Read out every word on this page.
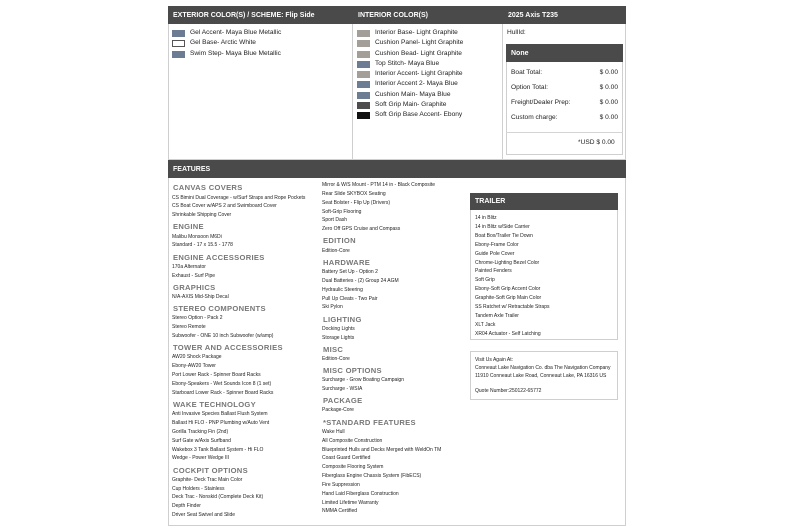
EXTERIOR COLOR(S) / SCHEME: Flip Side	INTERIOR COLOR(S)	2025 Axis T235
Gel Accent- Maya Blue Metallic
Gel Base- Arctic White
Swim Step- Maya Blue Metallic
Interior Base- Light Graphite
Cushion Panel- Light Graphite
Cushion Bead- Light Graphite
Top Stitch- Maya Blue
Interior Accent- Light Graphite
Interior Accent 2- Maya Blue
Cushion Main- Maya Blue
Soft Grip Main- Graphite
Soft Grip Base Accent- Ebony
HullId:
None
Boat Total:	$ 0.00
Option Total:	$ 0.00
Freight/Dealer Prep:	$ 0.00
Custom charge:	$ 0.00
*USD $ 0.00
FEATURES
CANVAS COVERS
CS Bimini Dual Coverage - w/Surf Straps and Rope Pockets
CS Boat Cover w/APS 2 and Swimboard Cover
Shrinkable Shipping Cover
ENGINE
Malibu Monsoon M6Di
Standard - 17 x 15.5 - 1778
ENGINE ACCESSORIES
170a Alternator
Exhaust - Surf Pipe
GRAPHICS
N/A-AXIS Mid-Ship Decal
STEREO COMPONENTS
Stereo Option - Pack 2
Stereo Remote
Subwoofer - ONE 10 inch Subwoofer (w/amp)
TOWER AND ACCESSORIES
AW20 Shock Package
Ebony-AW20 Tower
Port Lower Rack - Spinner Board Racks
Ebony-Speakers - Wet Sounds Icon 8 (1 set)
Starboard Lower Rack - Spinner Board Racks
WAKE TECHNOLOGY
Anti Invasive Species Ballast Flush System
Ballast Hi FLO - PNP Plumbing w/Auto Vent
Gorilla Tracking Fin (2nd)
Surf Gate w/Axis Surfband
Wakebox 3 Tank Ballast System - Hi FLO
Wedge - Power Wedge III
COCKPIT OPTIONS
Graphite- Deck Trac Main Color
Cup Holders - Stainless
Deck Trac - Nonskid (Complete Deck Kit)
Depth Finder
Driver Seat Swivel and Slide
Mirror & W/S Mount - PTM 14 in - Black Composite
Rear Slide SKYBOX Seating
Seat Bolster - Flip Up (Drivers)
Soft-Grip Flooring
Sport Dash
Zero Off GPS Cruise and Compass
EDITION
Edition-Core
HARDWARE
Battery Set Up - Option 2
Dual Batteries - (2) Group 24 AGM
Hydraulic Steering
Pull Up Cleats - Two Pair
Ski Pylon
LIGHTING
Docking Lights
Storage Lights
MISC
Edition-Core
MISC OPTIONS
Surcharge - Grow Boating Campaign
Surcharge - WSIA
PACKAGE
Package-Core
*STANDARD FEATURES
Wake Hull
All Composite Construction
Blueprinted Hulls and Decks Merged with WeldOn TM
Coast Guard Certified
Composite Flooring System
Fiberglass Engine Chassis System (FibECS)
Fire Suppression
Hand Laid Fiberglass Construction
Limited Lifetime Warranty
NMMA Certified
TRAILER
14 in Blitz
14 in Blitz w/Side Carrier
Boat Box/Trailer Tie Down
Ebony-Frame Color
Guide Pole Cover
Chrome-Lighting Bezel Color
Painted Fenders
Soft Grip
Ebony-Soft Grip Accent Color
Graphite-Soft Grip Main Color
SS Ratchet w/ Retractable Straps
Tandem Axle Trailer
XLT Jack
XR04 Actuator - Self Latching
Visit Us Again At:
Conneaut Lake Navigation Co. dba The Navigation Company
11910 Conneaut Lake Road, Conneaut Lake, PA 16316 US
Quote Number:250122-65772
